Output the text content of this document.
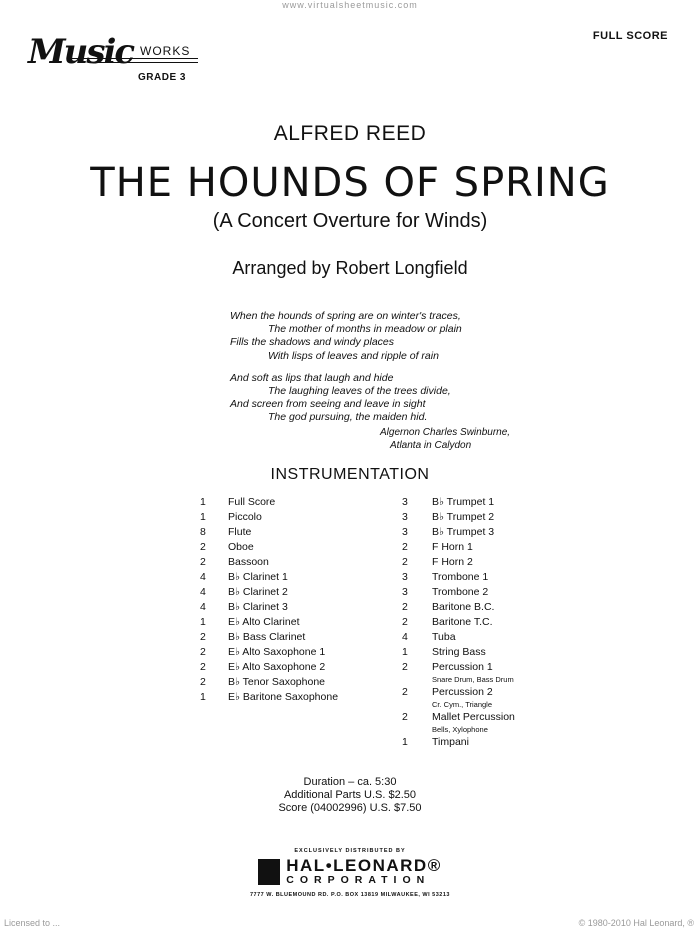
www.virtualsheetmusic.com
FULL SCORE
Music WORKS
GRADE 3
ALFRED REED
THE HOUNDS OF SPRING
(A Concert Overture for Winds)
Arranged by Robert Longfield
When the hounds of spring are on winter's traces,
The mother of months in meadow or plain
Fills the shadows and windy places
With lisps of leaves and ripple of rain
And soft as lips that laugh and hide
The laughing leaves of the trees divide,
And screen from seeing and leave in sight
The god pursuing, the maiden hid.
Algernon Charles Swinburne,
Atlanta in Calydon
INSTRUMENTATION
1	Full Score
1	Piccolo
8	Flute
2	Oboe
2	Bassoon
4	B♭ Clarinet 1
4	B♭ Clarinet 2
4	B♭ Clarinet 3
1	E♭ Alto Clarinet
2	B♭ Bass Clarinet
2	E♭ Alto Saxophone 1
2	E♭ Alto Saxophone 2
2	B♭ Tenor Saxophone
1	E♭ Baritone Saxophone
3	B♭ Trumpet 1
3	B♭ Trumpet 2
3	B♭ Trumpet 3
2	F Horn 1
2	F Horn 2
3	Trombone 1
3	Trombone 2
2	Baritone B.C.
2	Baritone T.C.
4	Tuba
1	String Bass
2	Percussion 1
Snare Drum, Bass Drum
2	Percussion 2
Cr. Cym., Triangle
2	Mallet Percussion
Bells, Xylophone
1	Timpani
Duration – ca. 5:30
Additional Parts U.S. $2.50
Score (04002996) U.S. $7.50
EXCLUSIVELY DISTRIBUTED BY
HAL•LEONARD®
CORPORATION
7777 W. BLUEMOUND RD. P.O. BOX 13819 MILWAUKEE, WI 53213
Licensed to ...	© 1980-2010 Hal Leonard, ®
